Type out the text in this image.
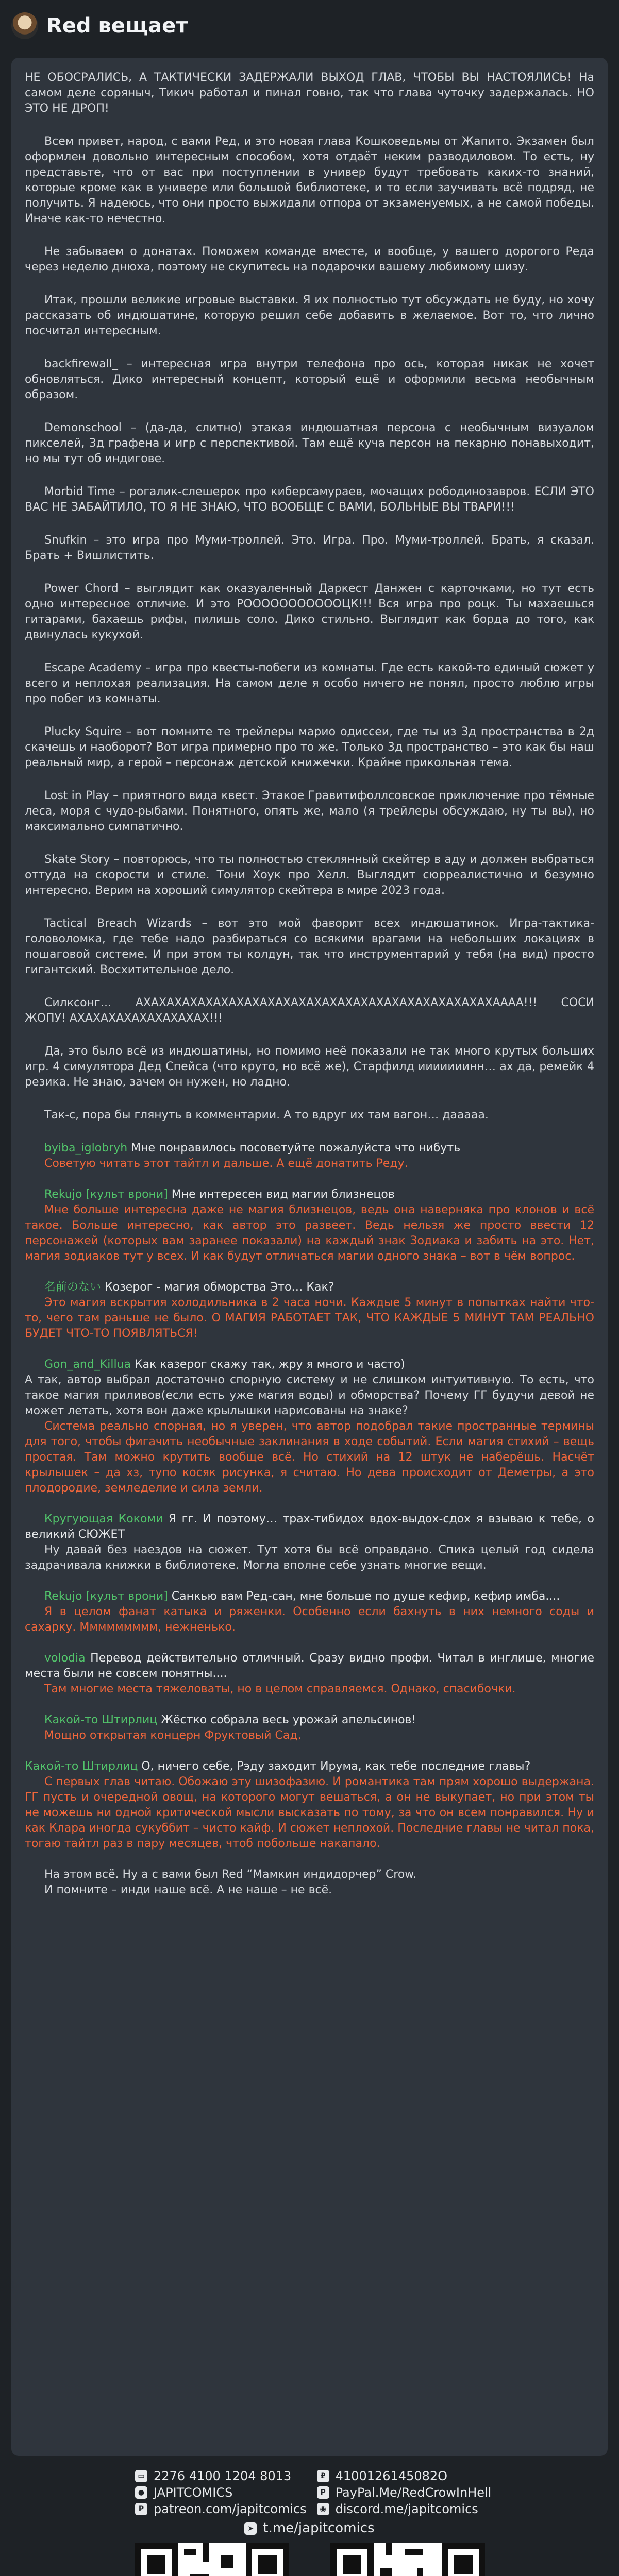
Red вещает

НЕ ОБОСРАЛИСЬ, А ТАКТИЧЕСКИ ЗАДЕРЖАЛИ ВЫХОД ГЛАВ, ЧТОБЫ ВЫ НАСТОЯЛИСЬ! На самом деле соряныч, Тикич работал и пинал говно, так что глава чуточку задержалась. НО ЭТО НЕ ДРОП!

Всем привет, народ, с вами Ред, и это новая глава Кошковедьмы от Жапито. Экзамен был оформлен довольно интересным способом, хотя отдаёт неким разводиловом. То есть, ну представьте, что от вас при поступлении в универ будут требовать каких-то знаний, которые кроме как в универе или большой библиотеке, и то если заучивать всё подряд, не получить. Я надеюсь, что они просто выжидали отпора от экзаменуемых, а не самой победы. Иначе как-то нечестно.

Не забываем о донатах. Поможем команде вместе, и вообще, у вашего дорогого Реда через неделю днюха, поэтому не скупитесь на подарочки вашему любимому шизу.

Итак, прошли великие игровые выставки. Я их полностью тут обсуждать не буду, но хочу рассказать об индюшатине, которую решил себе добавить в желаемое. Вот то, что лично посчитал интересным.

backfirewall_ – интересная игра внутри телефона про ось, которая никак не хочет обновляться. Дико интересный концепт, который ещё и оформили весьма необычным образом.

Demonschool – (да-да, слитно) этакая индюшатная персона с необычным визуалом пикселей, 3д графена и игр с перспективой. Там ещё куча персон на пекарню понавыходит, но мы тут об индигове.

Morbid Time – рогалик-слешерок про киберсамураев, мочащих рободинозавров. ЕСЛИ ЭТО ВАС НЕ ЗАБАЙТИЛО, ТО Я НЕ ЗНАЮ, ЧТО ВООБЩЕ С ВАМИ, БОЛЬНЫЕ ВЫ ТВАРИ!!!

Snufkin – это игра про Муми-троллей. Это. Игра. Про. Муми-троллей. Брать, я сказал. Брать + Вишлистить.

Power Chord – выглядит как оказуаленный Даркест Данжен с карточками, но тут есть одно интересное отличие. И это РОООООООООООЦК!!! Вся игра про роцк. Ты махаешься гитарами, бахаешь рифы, пилишь соло. Дико стильно. Выглядит как борда до того, как двинулась кукухой.

Escape Academy – игра про квесты-побеги из комнаты. Где есть какой-то единый сюжет у всего и неплохая реализация. На самом деле я особо ничего не понял, просто люблю игры про побег из комнаты.

Plucky Squire – вот помните те трейлеры марио одиссеи, где ты из 3д пространства в 2д скачешь и наоборот? Вот игра примерно про то же. Только 3д пространство – это как бы наш реальный мир, а герой – персонаж детской книжечки. Крайне прикольная тема.

Lost in Play – приятного вида квест. Этакое Гравитифоллсовское приключение про тёмные леса, моря с чудо-рыбами. Понятного, опять же, мало (я трейлеры обсуждаю, ну ты вы), но максимально симпатично.

Skate Story – повторюсь, что ты полностью стеклянный скейтер в аду и должен выбраться оттуда на скорости и стиле. Тони Хоук про Хелл. Выглядит сюрреалистично и безумно интересно. Верим на хороший симулятор скейтера в мире 2023 года.

Tactical Breach Wizards – вот это мой фаворит всех индюшатинок. Игра-тактика-головоломка, где тебе надо разбираться со всякими врагами на небольших локациях в пошаговой системе. И при этом ты колдун, так что инструментарий у тебя (на вид) просто гигантский. Восхитительное дело.

Силксонг… АХАХАХАХАХАХАХАХАХАХАХАХАХАХАХАХАХАХАХАХАХАХАХАААА!!! СОСИ ЖОПУ! АХАХАХАХАХАХАХАХАХ!!!

Да, это было всё из индюшатины, но помимо неё показали не так много крутых больших игр. 4 симулятора Дед Спейса (что круто, но всё же), Старфилд ииииииинн… ах да, ремейк 4 резика. Не знаю, зачем он нужен, но ладно.

Так-с, пора бы глянуть в комментарии. А то вдруг их там вагон… дааааа.

byiba_iglobryh Мне понравилось посоветуйте пожалуйста что нибуть
Советую читать этот тайтл и дальше. А ещё донатить Реду.
Rekujo [культ врони] Мне интересен вид магии близнецов
Мне больше интересна даже не магия близнецов, ведь она наверняка про клонов и всё такое. Больше интересно, как автор это развеет. Ведь нельзя же просто ввести 12 персонажей (которых вам заранее показали) на каждый знак Зодиака и забить на это. Нет, магия зодиаков тут у всех. И как будут отличаться магии одного знака – вот в чём вопрос.
名前のない Козерог - магия обморства Это… Как?
Это магия вскрытия холодильника в 2 часа ночи. Каждые 5 минут в попытках найти что-то, чего там раньше не было. О МАГИЯ РАБОТАЕТ ТАК, ЧТО КАЖДЫЕ 5 МИНУТ ТАМ РЕАЛЬНО БУДЕТ ЧТО-ТО ПОЯВЛЯТЬСЯ!
Gon_and_Killua Как казерог скажу так, жру я много и часто)
А так, автор выбрал достаточно спорную систему и не слишком интуитивную. То есть, что такое магия приливов(если есть уже магия воды) и обморства? Почему ГГ будучи девой не может летать, хотя вон даже крылышки нарисованы на знаке?
Система реально спорная, но я уверен, что автор подобрал такие пространные термины для того, чтобы фигачить необычные заклинания в ходе событий. Если магия стихий – вещь простая. Там можно крутить вообще всё. Но стихий на 12 штук не наберёшь. Насчёт крылышек – да хз, тупо косяк рисунка, я считаю. Но дева происходит от Деметры, а это плодородие, земледелие и сила земли.
Кругующая Кокоми Я гг. И поэтому… трах-тибидох вдох-выдох-сдох я взываю к тебе, о великий СЮЖЕТ
Ну давай без наездов на сюжет. Тут хотя бы всё оправдано. Спика целый год сидела задрачивала книжки в библиотеке. Могла вполне себе узнать многие вещи.
Rekujo [культ врони] Санкью вам Ред-сан, мне больше по душе кефир, кефир имба....
Я в целом фанат катыка и ряженки. Особенно если бахнуть в них немного соды и сахарку. Ммммммммм, нежненько.
volodia Перевод действительно отличный. Сразу видно профи. Читал в инглише, многие места были не совсем понятны....
Там многие места тяжеловаты, но в целом справляемся. Однако, спасибочки.
Какой-то Штирлиц Жёстко собрала весь урожай апельсинов!
Мощно открытая концерн Фруктовый Сад.
Какой-то Штирлиц О, ничего себе, Рэду заходит Ирума, как тебе последние главы?
С первых глав читаю. Обожаю эту шизофазию. И романтика там прям хорошо выдержана. ГГ пусть и очередной овощ, на которого могут вешаться, а он не выкупает, но при этом ты не можешь ни одной критической мысли высказать по тому, за что он всем понравился. Ну и как Клара иногда сукуббит – чисто кайф. И сюжет неплохой. Последние главы не читал пока, тогаю тайтл раз в пару месяцев, чтоб побольше накапало.
На этом всё. Ну а с вами был Red “Мамкин индидорчер” Crow.
И помните – инди наше всё. А не наше – не всё.
▭ 2276 4100 1204 8013
● JAPITCOMICS
P patreon.com/japitcomics
₽ 4100126145082O
P PayPal.Me/RedCrowInHell
◉ discord.me/japitcomics
➤ t.me/japitcomics
